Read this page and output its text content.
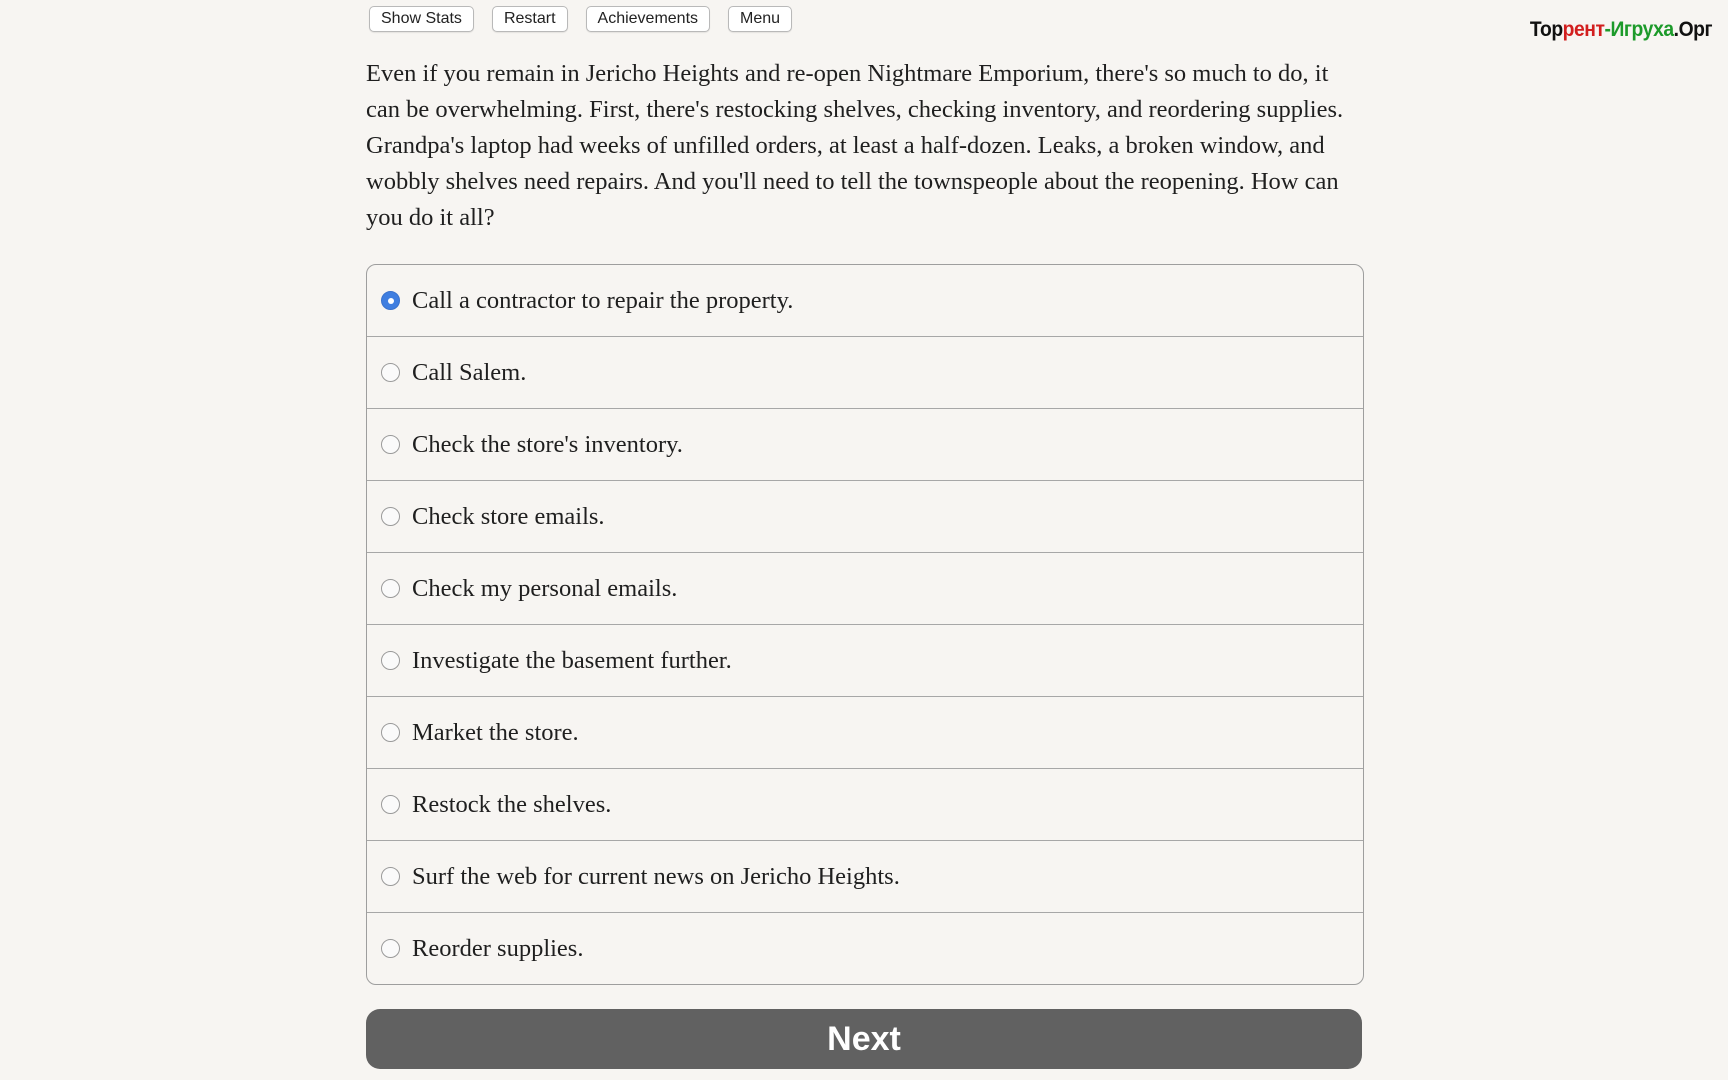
Show Stats	Restart	Achievements	Menu	Торрент-Игруха.Орг

Even if you remain in Jericho Heights and re-open Nightmare Emporium, there's so much to do, it can be overwhelming. First, there's restocking shelves, checking inventory, and reordering supplies. Grandpa's laptop had weeks of unfilled orders, at least a half-dozen. Leaks, a broken window, and wobbly shelves need repairs. And you'll need to tell the townspeople about the reopening. How can you do it all?

Call a contractor to repair the property.
Call Salem.
Check the store's inventory.
Check store emails.
Check my personal emails.
Investigate the basement further.
Market the store.
Restock the shelves.
Surf the web for current news on Jericho Heights.
Reorder supplies.
Next
